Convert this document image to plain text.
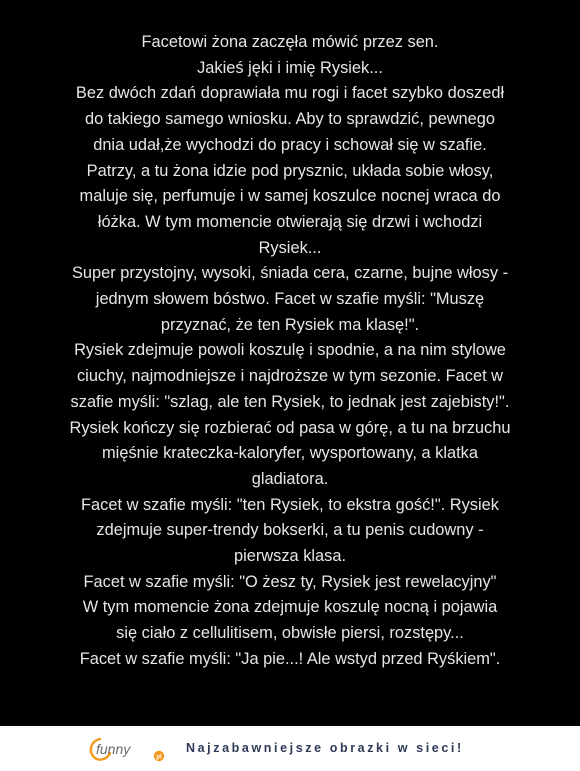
Facetowi żona zaczęła mówić przez sen.
Jakieś jęki i imię Rysiek...
Bez dwóch zdań doprawiała mu rogi i facet szybko doszedł
do takiego samego wniosku. Aby to sprawdzić, pewnego
dnia udał,że wychodzi do pracy i schował się w szafie.
Patrzy, a tu żona idzie pod prysznic, układa sobie włosy,
maluje się, perfumuje i w samej koszulce nocnej wraca do
łóżka. W tym momencie otwierają się drzwi i wchodzi
Rysiek...
Super przystojny, wysoki, śniada cera, czarne, bujne włosy -
jednym słowem bóstwo. Facet w szafie myśli: "Muszę
przyznać, że ten Rysiek ma klasę!".
Rysiek zdejmuje powoli koszulę i spodnie, a na nim stylowe
ciuchy, najmodniejsze i najdroższe w tym sezonie. Facet w
szafie myśli: "szlag, ale ten Rysiek, to jednak jest zajebisty!".
Rysiek kończy się rozbierać od pasa w górę, a tu na brzuchu
mięśnie krateczka-kaloryfer, wysportowany, a klatka
gladiatora.
Facet w szafie myśli: "ten Rysiek, to ekstra gość!". Rysiek
zdejmuje super-trendy bokserki, a tu penis cudowny -
pierwsza klasa.
Facet w szafie myśli: "O żesz ty, Rysiek jest rewelacyjny"
W tym momencie żona zdejmuje koszulę nocną i pojawia
się ciało z cellulitisem, obwisłe piersi, rozstępy...
Facet w szafie myśli: "Ja pie...! Ale wstyd przed Ryśkiem".
funny
pl
Najzabawniejsze obrazki w sieci!
